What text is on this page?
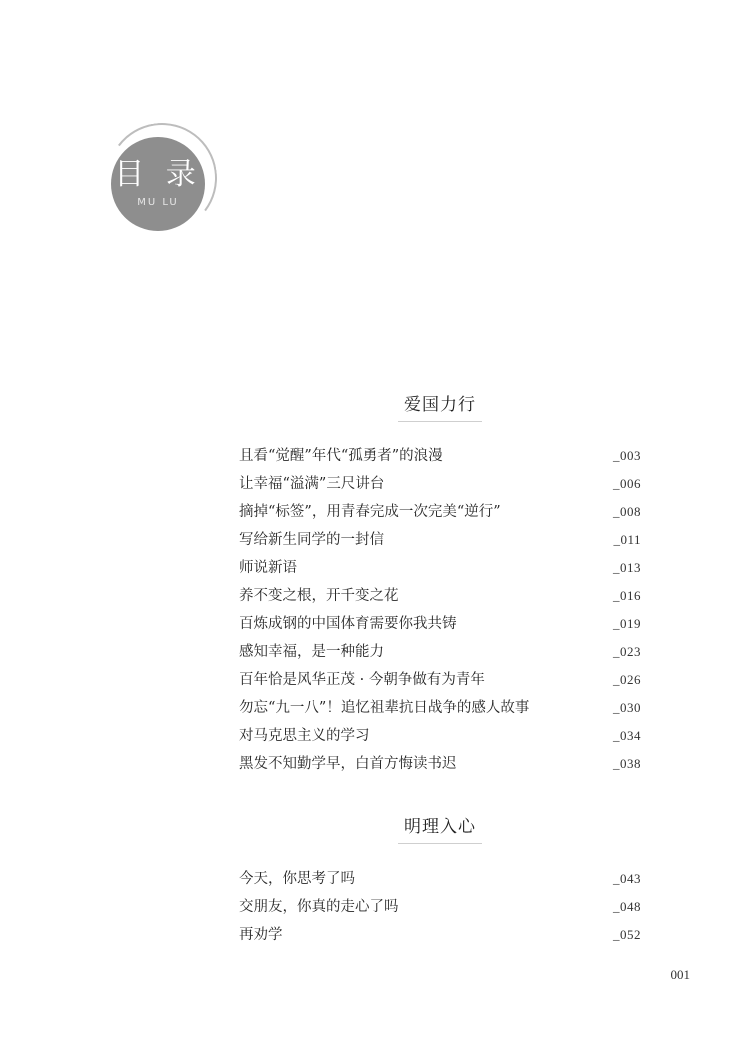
目 录
MU LU
爱国力行
且看“觉醒”年代“孤勇者”的浪漫	_003
让幸福“溢满”三尺讲台	_006
摘掉“标签”，用青春完成一次完美“逆行”	_008
写给新生同学的一封信	_011
师说新语	_013
养不变之根，开千变之花	_016
百炼成钢的中国体育需要你我共铸	_019
感知幸福，是一种能力	_023
百年恰是风华正茂 · 今朝争做有为青年	_026
勿忘“九一八”！追忆祖辈抗日战争的感人故事	_030
对马克思主义的学习	_034
黑发不知勤学早，白首方悔读书迟	_038
明理入心
今天，你思考了吗	_043
交朋友，你真的走心了吗	_048
再劝学	_052
001
